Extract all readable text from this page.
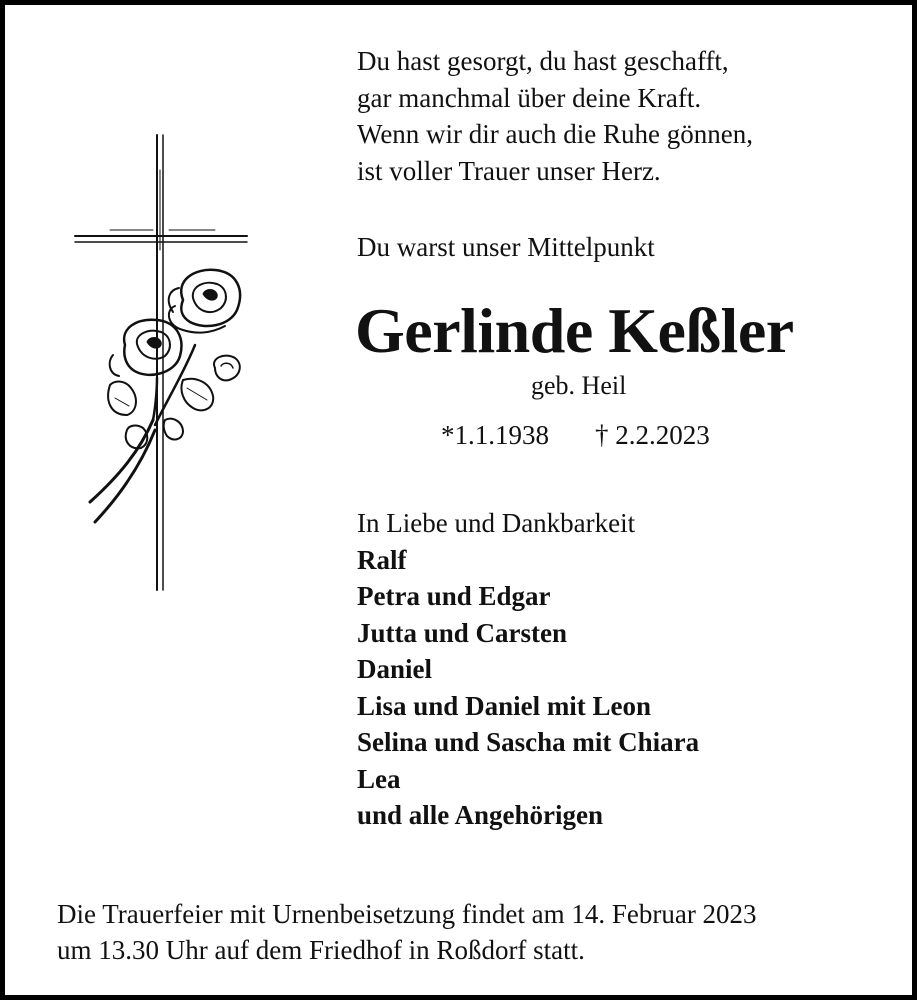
Du hast gesorgt, du hast geschafft,
gar manchmal über deine Kraft.
Wenn wir dir auch die Ruhe gönnen,
ist voller Trauer unser Herz.
Du warst unser Mittelpunkt
Gerlinde Keßler
geb. Heil
*1.1.1938 † 2.2.2023
In Liebe und Dankbarkeit
Ralf
Petra und Edgar
Jutta und Carsten
Daniel
Lisa und Daniel mit Leon
Selina und Sascha mit Chiara
Lea
und alle Angehörigen
Die Trauerfeier mit Urnenbeisetzung findet am 14. Februar 2023
um 13.30 Uhr auf dem Friedhof in Roßdorf statt.
